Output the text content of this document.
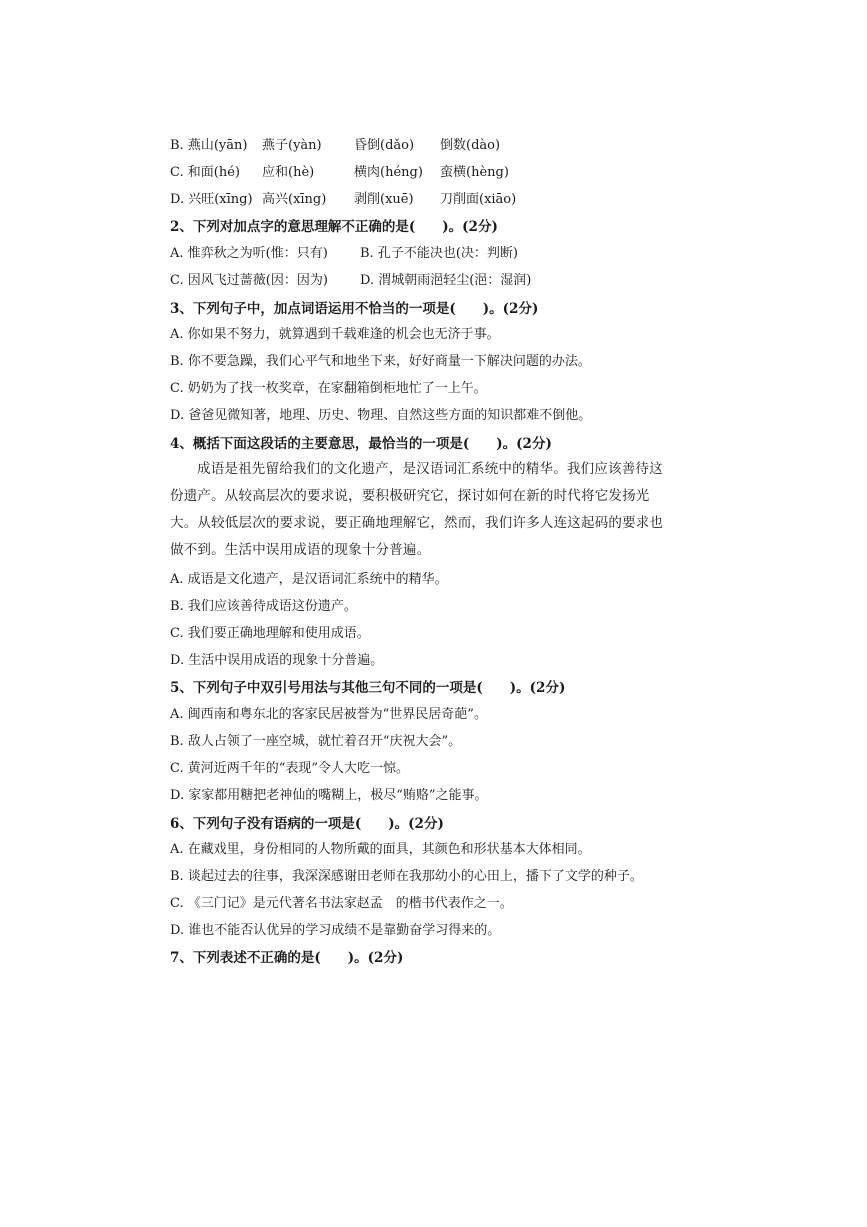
B. 燕山(yān) 燕子(yàn) 昏倒(dǎo) 倒数(dào)
C. 和面(hé) 应和(hè)	横肉(héng) 蛮横(hèng)
D. 兴旺(xīng) 高兴(xīng) 剥削(xuē) 刀削面(xiāo)
2、下列对加点字的意思理解不正确的是(　　)。(2分)
A. 惟弈秋之为听(惟：只有) B. 孔子不能决也(决：判断)
C. 因风飞过蔷薇(因：因为) D. 渭城朝雨浥轻尘(浥：湿润)
3、下列句子中，加点词语运用不恰当的一项是(　　)。(2分)
A. 你如果不努力，就算遇到千载难逢的机会也无济于事。
B. 你不要急躁，我们心平气和地坐下来，好好商量一下解决问题的办法。
C. 奶奶为了找一枚奖章，在家翻箱倒柜地忙了一上午。
D. 爸爸见微知著，地理、历史、物理、自然这些方面的知识都难不倒他。
4、概括下面这段话的主要意思，最恰当的一项是(　　)。(2分)

成语是祖先留给我们的文化遗产，是汉语词汇系统中的精华。我们应该善待这份遗产。从较高层次的要求说，要积极研究它，探讨如何在新的时代将它发扬光大。从较低层次的要求说，要正确地理解它，然而，我们许多人连这起码的要求也做不到。生活中误用成语的现象十分普遍。

A. 成语是文化遗产，是汉语词汇系统中的精华。
B. 我们应该善待成语这份遗产。
C. 我们要正确地理解和使用成语。
D. 生活中误用成语的现象十分普遍。
5、下列句子中双引号用法与其他三句不同的一项是(　　)。(2分)
A. 闽西南和粤东北的客家民居被誉为“世界民居奇葩”。
B. 敌人占领了一座空城，就忙着召开“庆祝大会”。
C. 黄河近两千年的“表现”令人大吃一惊。
D. 家家都用糖把老神仙的嘴糊上，极尽“贿赂”之能事。
6、下列句子没有语病的一项是(　　)。(2分)
A. 在藏戏里，身份相同的人物所戴的面具，其颜色和形状基本大体相同。
B. 谈起过去的往事，我深深感谢田老师在我那幼小的心田上，播下了文学的种子。
C. 《三门记》是元代著名书法家赵孟　的楷书代表作之一。
D. 谁也不能否认优异的学习成绩不是靠勤奋学习得来的。
7、下列表述不正确的是(　　)。(2分)
